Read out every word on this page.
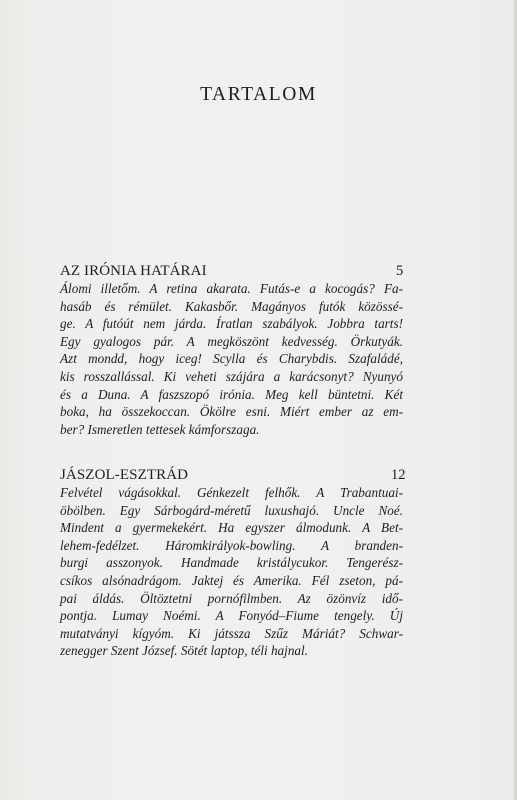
TARTALOM
AZ IRÓNIA HATÁRAI	5
Álomi illetőm. A retina akarata. Futás-e a kocogás? Fa-
hasáb és rémület. Kakasbőr. Magányos futók közössé-
ge. A futóút nem járda. Íratlan szabályok. Jobbra tarts!
Egy gyalogos pár. A megköszönt kedvesség. Örkutyák.
Azt mondd, hogy iceg! Scylla és Charybdis. Szafaládé,
kis rosszallással. Ki veheti szájára a karácsonyt? Nyunyó
és a Duna. A faszszopó irónia. Meg kell büntetni. Két
boka, ha összekoccan. Ökölre esni. Miért ember az em-
ber? Ismeretlen tettesek kámforszaga.
JÁSZOL-ESZTRÁD	12
Felvétel vágásokkal. Génkezelt felhők. A Trabantuai-
öbölben. Egy Sárbogárd-méretű luxushajó. Uncle Noé.
Mindent a gyermekekért. Ha egyszer álmodunk. A Bet-
lehem-fedélzet. Háromkirályok-bowling. A branden-
burgi asszonyok. Handmade kristálycukor. Tengerész-
csíkos alsónadrágom. Jaktej és Amerika. Fél zseton, pá-
pai áldás. Öltöztetni pornófilmben. Az özönvíz idő-
pontja. Lumay Noémi. A Fonyód–Fiume tengely. Új
mutatványi kígyóm. Ki játssza Szűz Máriát? Schwar-
zenegger Szent József. Sötét laptop, téli hajnal.
